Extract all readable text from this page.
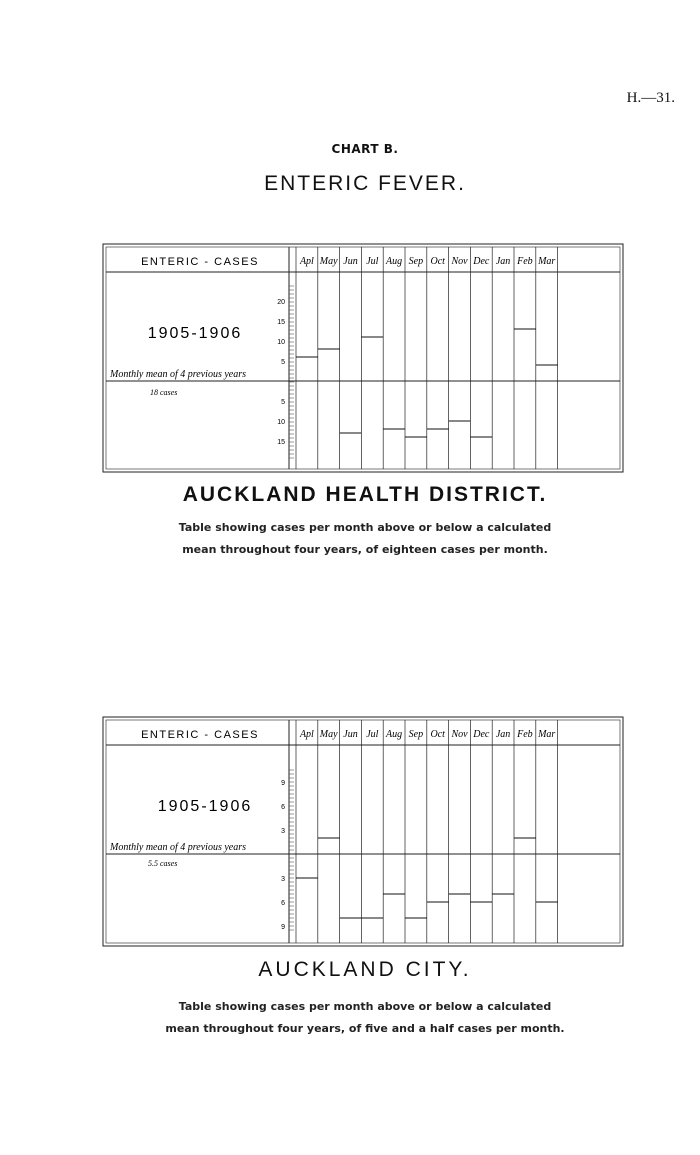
H.—31.
CHART B.
ENTERIC FEVER.
ENTERIC - CASES
1905-1906
Monthly mean of 4 previous years
18 cases
Apl May Jun Jul Aug Sep Oct Nov Dec Jan Feb Mar
20
15
10
5
5
10
15
AUCKLAND HEALTH DISTRICT.
Table showing cases per month above or below a calculated
mean throughout four years, of eighteen cases per month.
ENTERIC - CASES
1905-1906
Monthly mean of 4 previous years
5.5 cases
Apl May Jun Jul Aug Sep Oct Nov Dec Jan Feb Mar
9
6
3
3
6
9
AUCKLAND CITY.
Table showing cases per month above or below a calculated
mean throughout four years, of five and a half cases per month.
